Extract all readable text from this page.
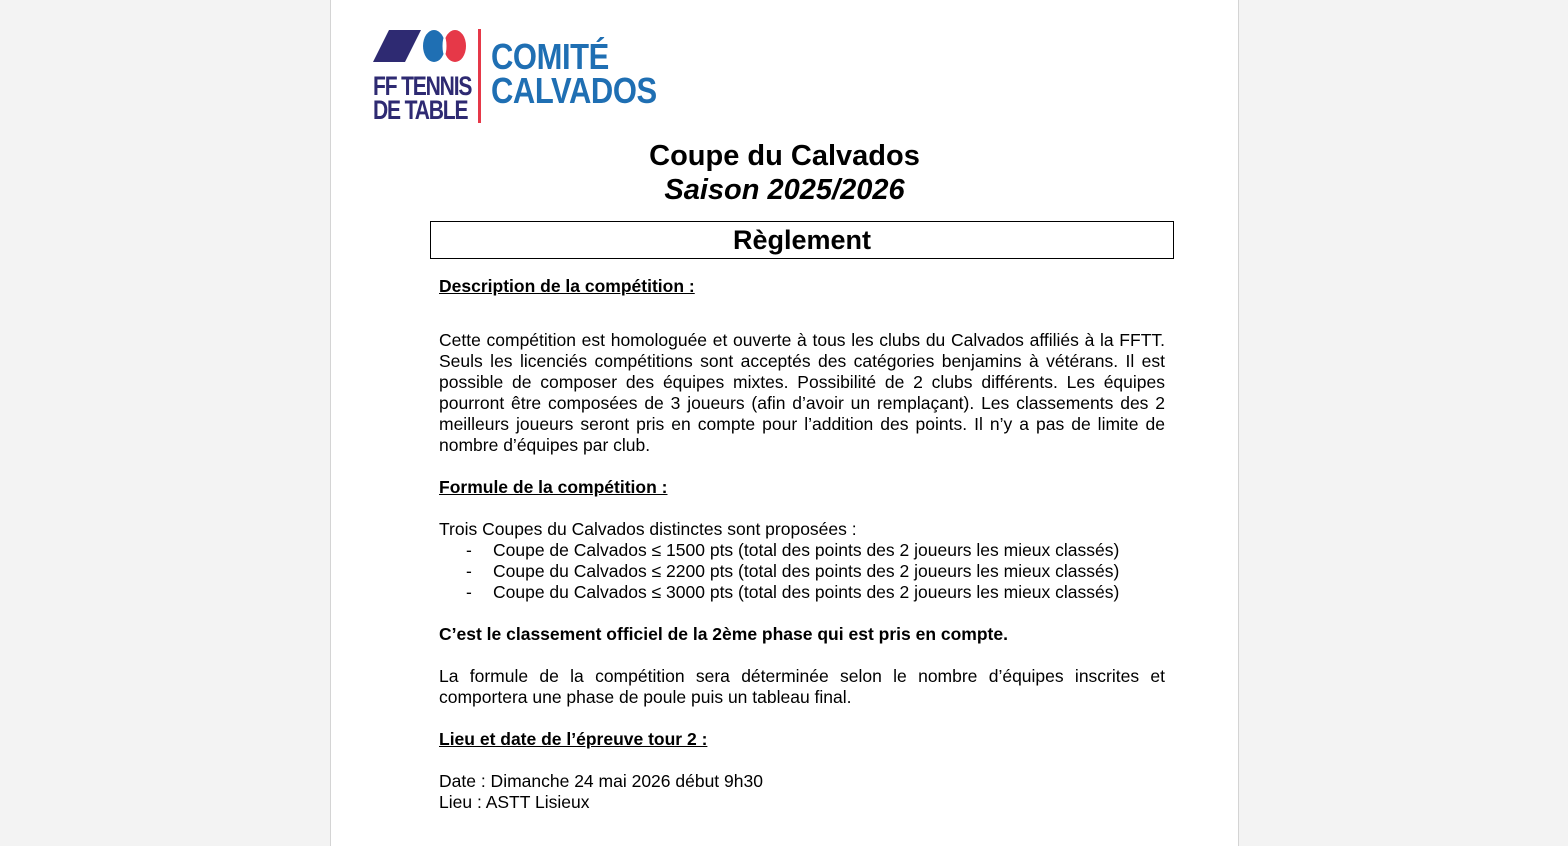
FF TENNIS
DE TABLE
COMITÉ
CALVADOS
Coupe du Calvados
Saison 2025/2026
Règlement

Description de la compétition :

Cette compétition est homologuée et ouverte à tous les clubs du Calvados affiliés à la FFTT. Seuls les licenciés compétitions sont acceptés des catégories benjamins à vétérans. Il est possible de composer des équipes mixtes. Possibilité de 2 clubs différents. Les équipes pourront être composées de 3 joueurs (afin d’avoir un remplaçant). Les classements des 2 meilleurs joueurs seront pris en compte pour l’addition des points. Il n’y a pas de limite de nombre d’équipes par club.

Formule de la compétition :

Trois Coupes du Calvados distinctes sont proposées :

- Coupe de Calvados ≤ 1500 pts (total des points des 2 joueurs les mieux classés)
- Coupe du Calvados ≤ 2200 pts (total des points des 2 joueurs les mieux classés)
- Coupe du Calvados ≤ 3000 pts (total des points des 2 joueurs les mieux classés)

C’est le classement officiel de la 2ème phase qui est pris en compte.

La formule de la compétition sera déterminée selon le nombre d’équipes inscrites et comportera une phase de poule puis un tableau final.

Lieu et date de l’épreuve tour 2 :

Date : Dimanche 24 mai 2026 début 9h30

Lieu : ASTT Lisieux
